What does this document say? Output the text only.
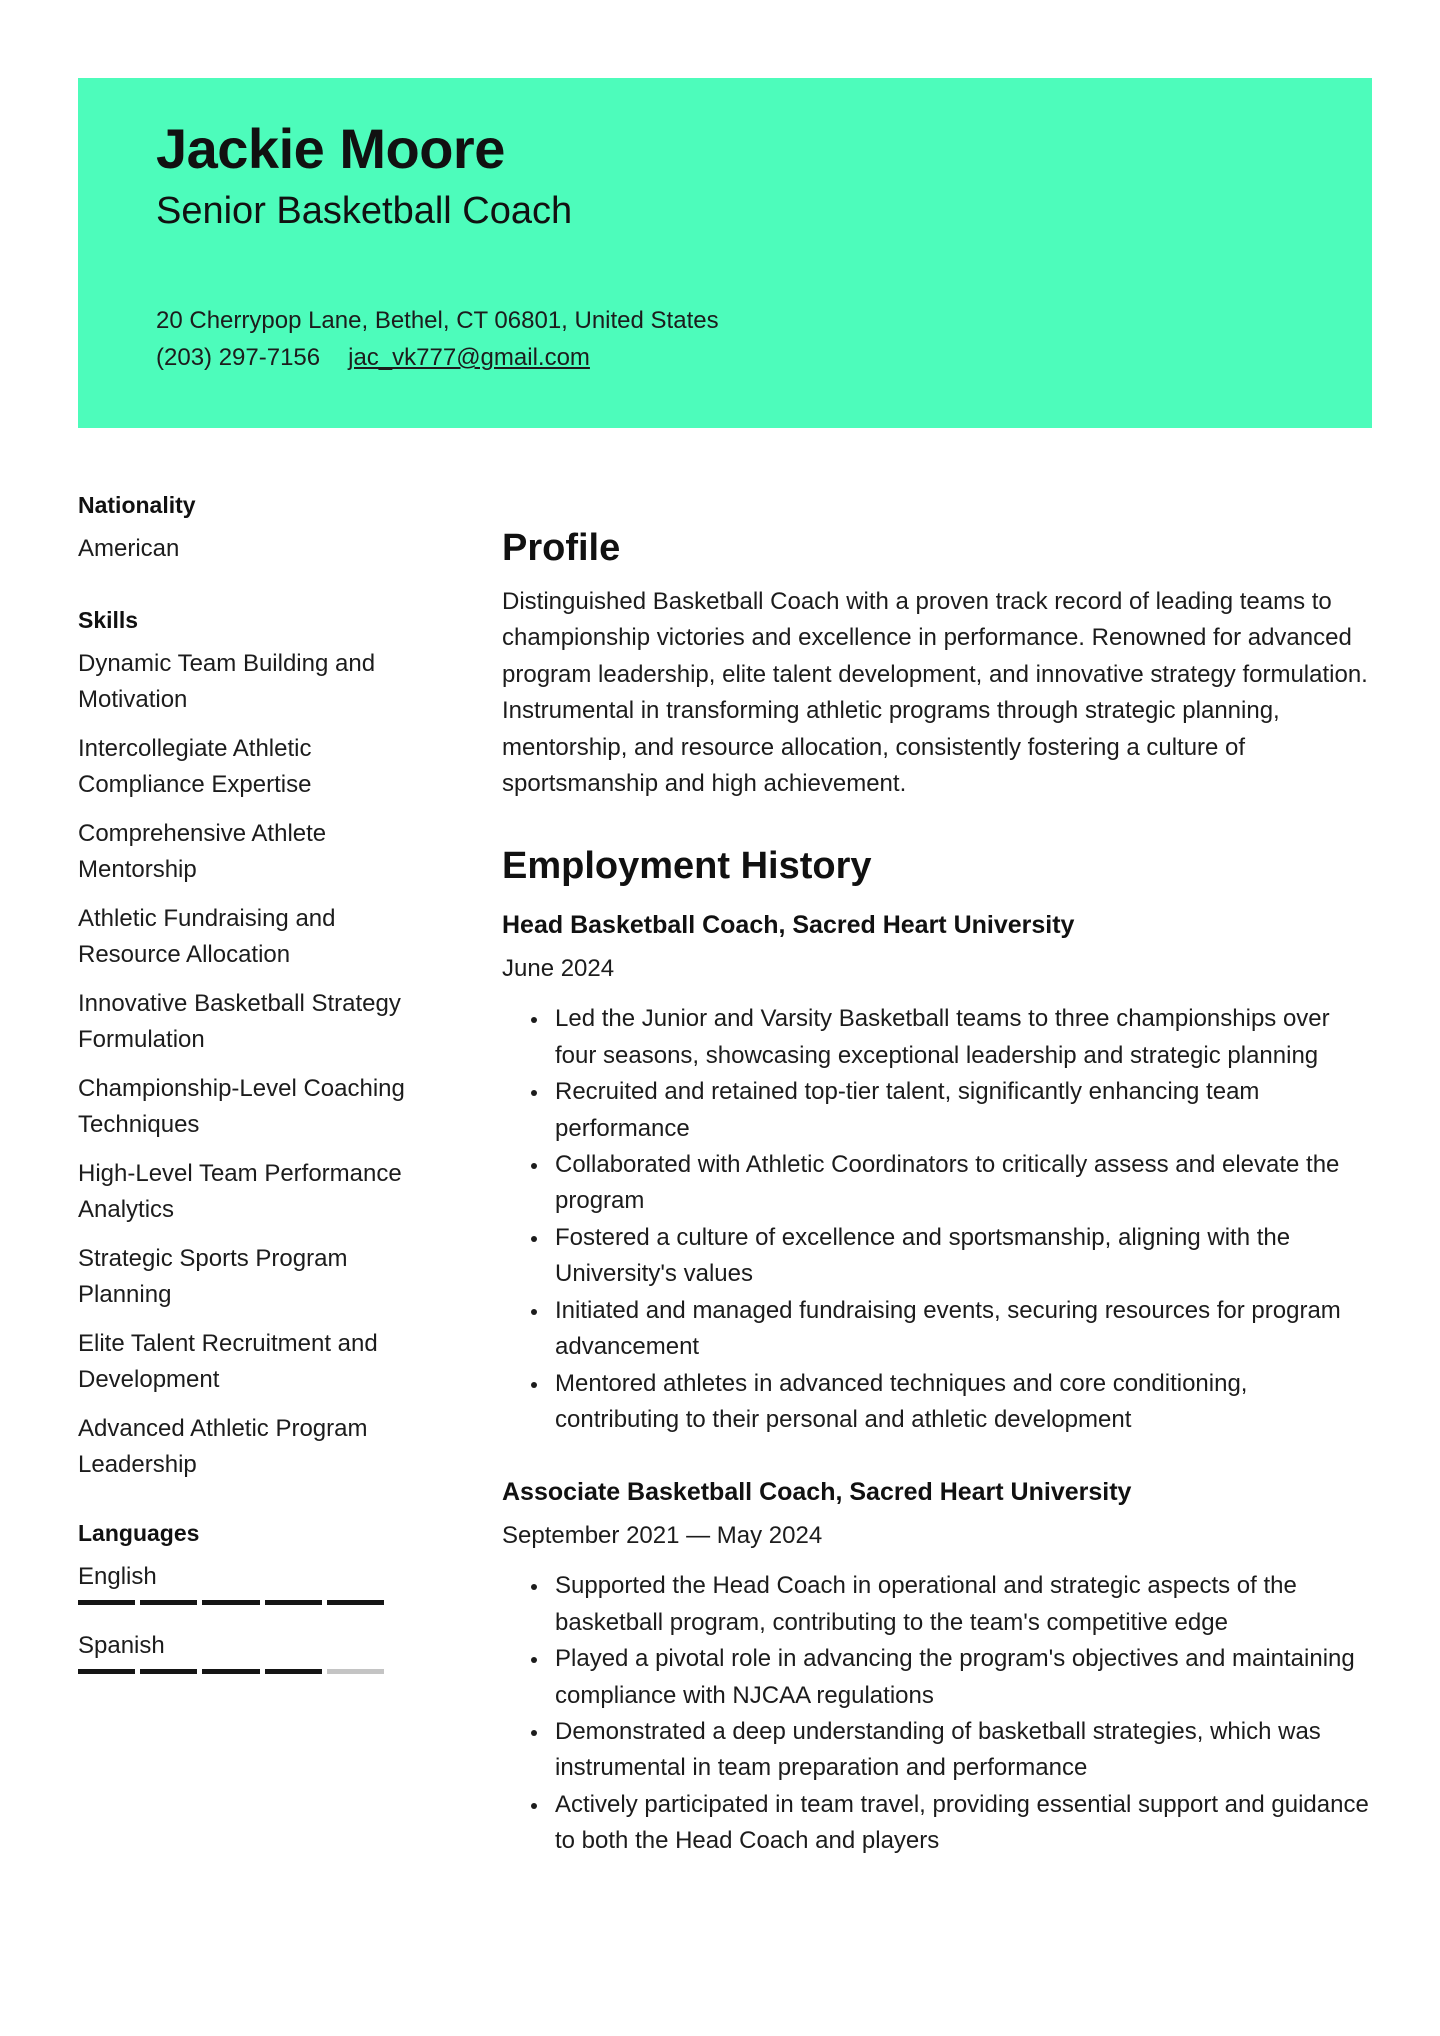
Jackie Moore
Senior Basketball Coach
20 Cherrypop Lane, Bethel, CT 06801, United States
(203) 297-7156 jac_vk777@gmail.com
Nationality
American
Skills
Dynamic Team Building and Motivation
Intercollegiate Athletic Compliance Expertise
Comprehensive Athlete Mentorship
Athletic Fundraising and Resource Allocation
Innovative Basketball Strategy Formulation
Championship-Level Coaching Techniques
High-Level Team Performance Analytics
Strategic Sports Program Planning
Elite Talent Recruitment and Development
Advanced Athletic Program Leadership
Languages
English
Spanish
Profile
Distinguished Basketball Coach with a proven track record of leading teams to championship victories and excellence in performance. Renowned for advanced program leadership, elite talent development, and innovative strategy formulation. Instrumental in transforming athletic programs through strategic planning, mentorship, and resource allocation, consistently fostering a culture of sportsmanship and high achievement.
Employment History
Head Basketball Coach, Sacred Heart University
June 2024
Led the Junior and Varsity Basketball teams to three championships over four seasons, showcasing exceptional leadership and strategic planning
Recruited and retained top-tier talent, significantly enhancing team performance
Collaborated with Athletic Coordinators to critically assess and elevate the program
Fostered a culture of excellence and sportsmanship, aligning with the University's values
Initiated and managed fundraising events, securing resources for program advancement
Mentored athletes in advanced techniques and core conditioning, contributing to their personal and athletic development
Associate Basketball Coach, Sacred Heart University
September 2021 — May 2024
Supported the Head Coach in operational and strategic aspects of the basketball program, contributing to the team's competitive edge
Played a pivotal role in advancing the program's objectives and maintaining compliance with NJCAA regulations
Demonstrated a deep understanding of basketball strategies, which was instrumental in team preparation and performance
Actively participated in team travel, providing essential support and guidance to both the Head Coach and players
